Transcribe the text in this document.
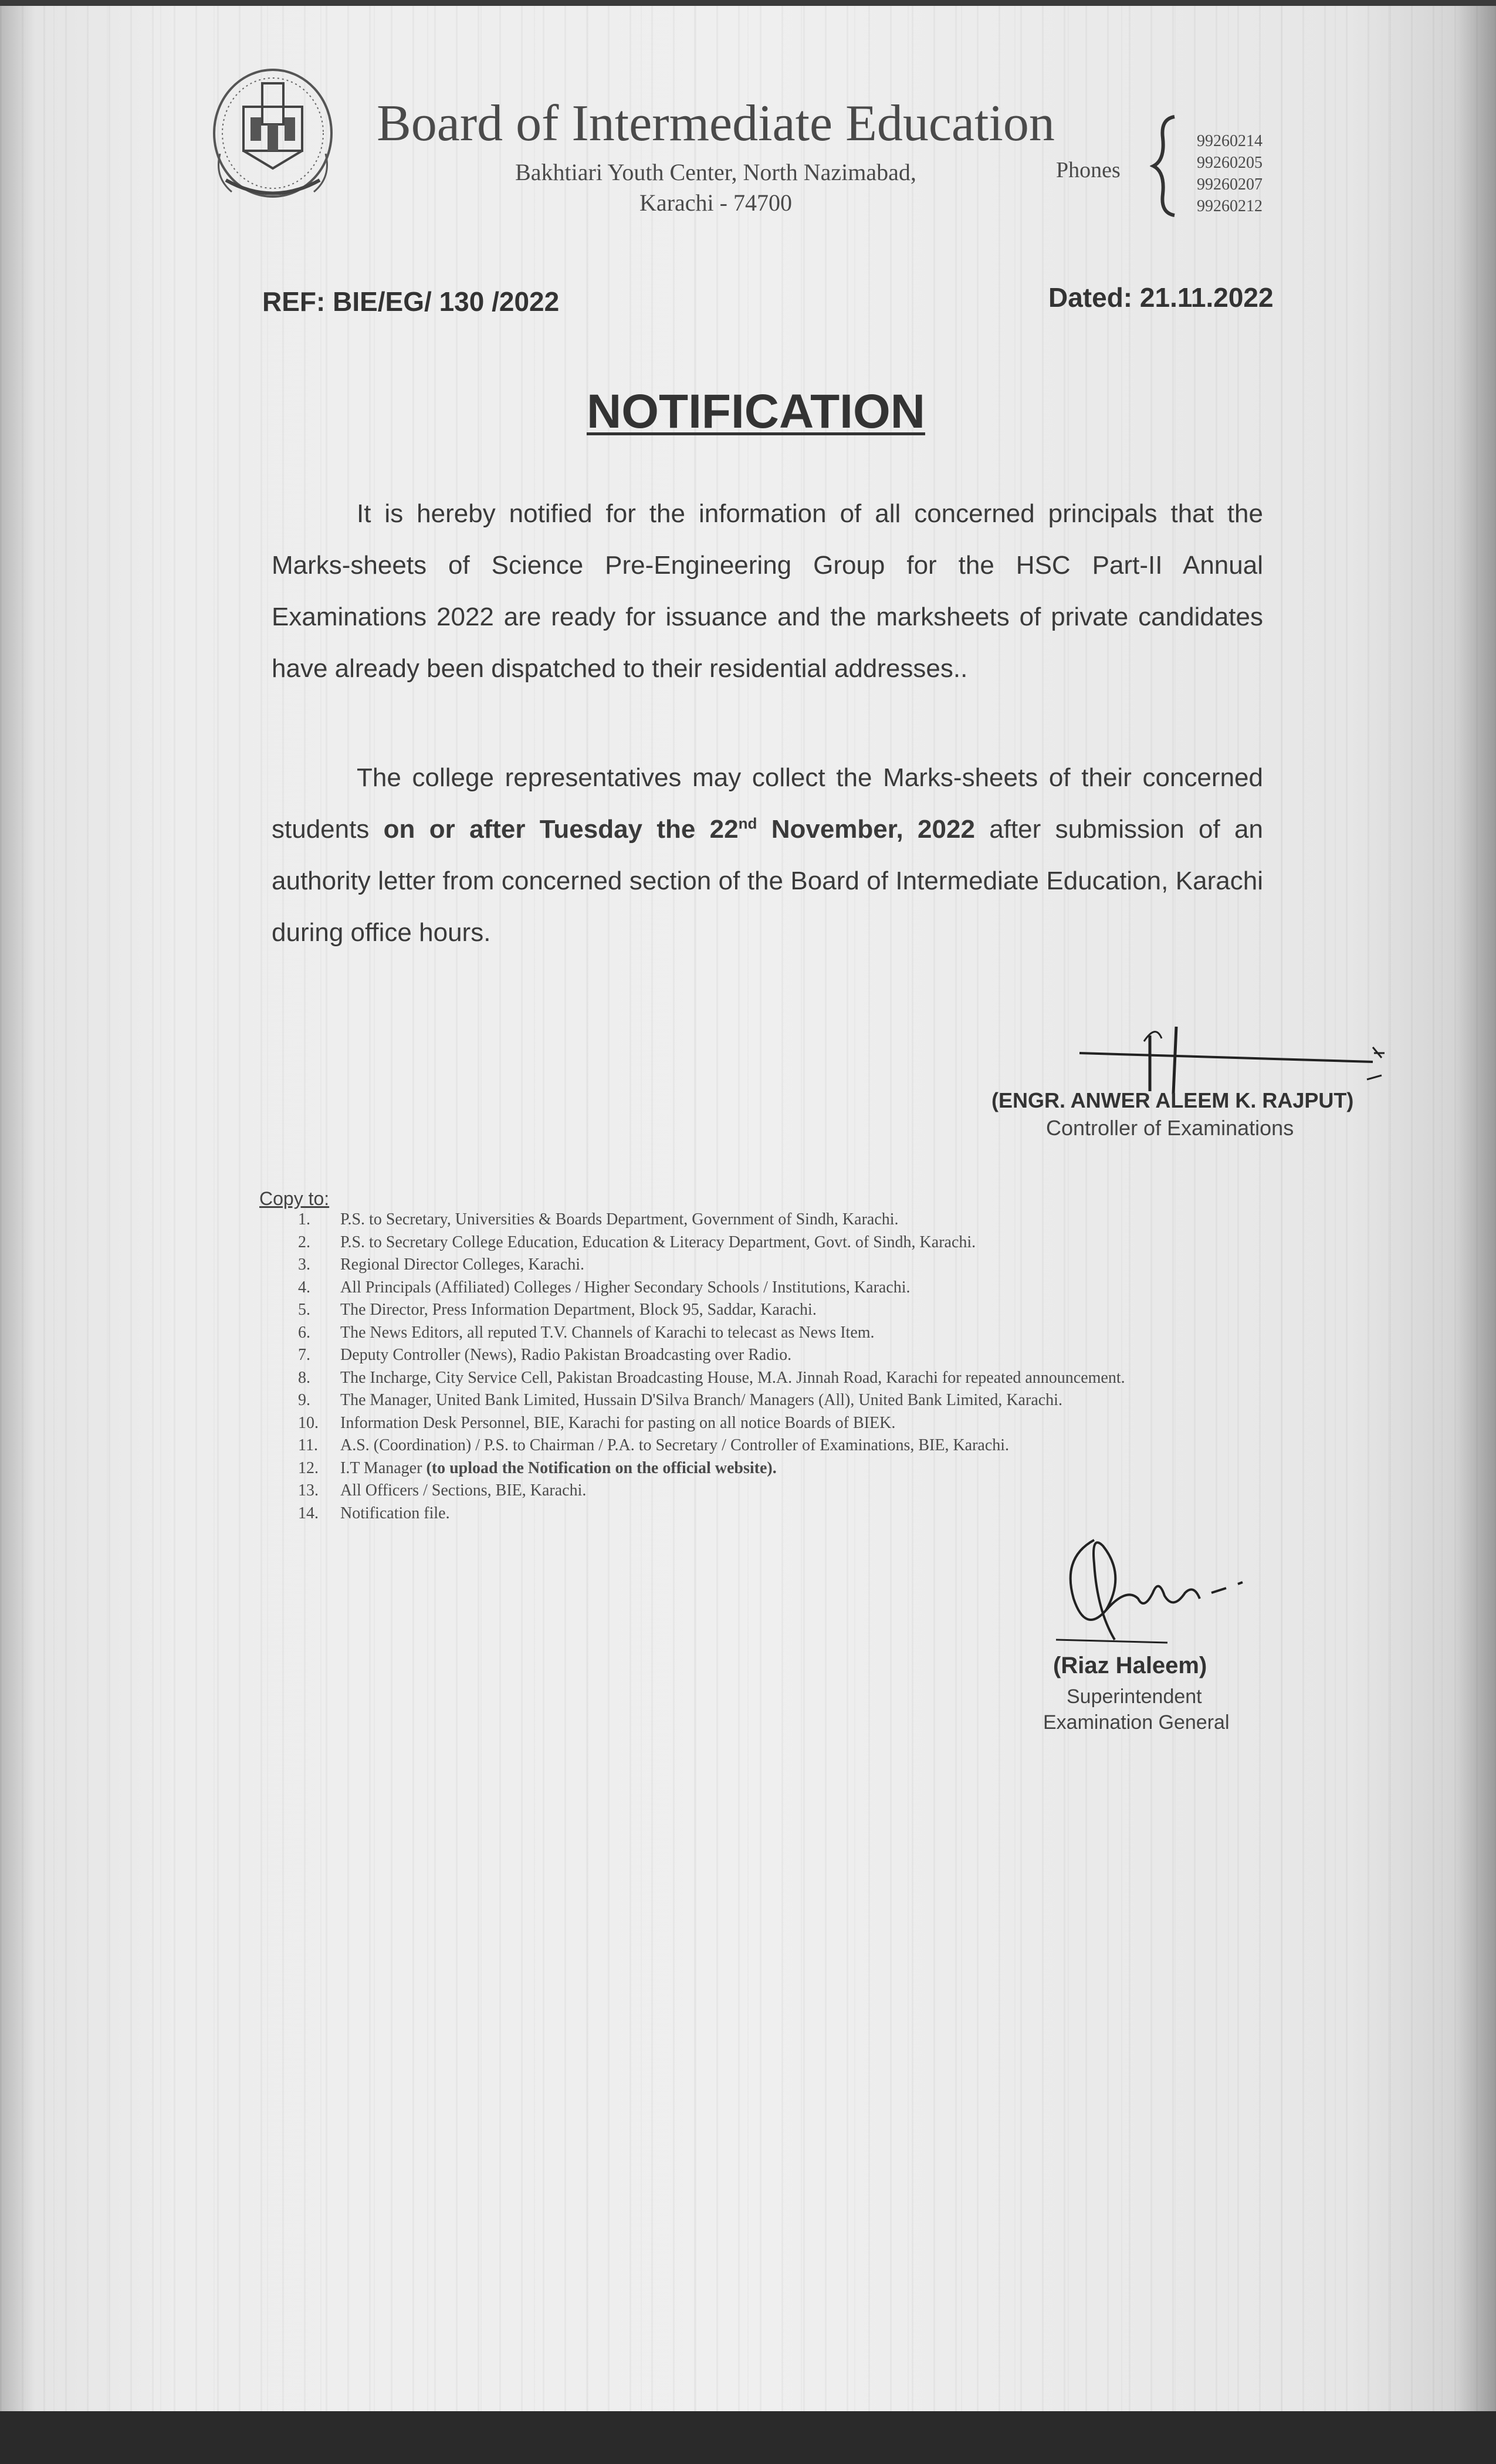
Board of Intermediate Education
Bakhtiari Youth Center, North Nazimabad,
Karachi - 74700
Phones
99260214
99260205
99260207
99260212
REF: BIE/EG/ 130 /2022	Dated: 21.11.2022
NOTIFICATION
It is hereby notified for the information of all concerned principals that the Marks-sheets of Science Pre-Engineering Group for the HSC Part-II Annual Examinations 2022 are ready for issuance and the marksheets of private candidates have already been dispatched to their residential addresses..
The college representatives may collect the Marks-sheets of their concerned students on or after Tuesday the 22nd November, 2022 after submission of an authority letter from concerned section of the Board of Intermediate Education, Karachi during office hours.
(ENGR. ANWER ALEEM K. RAJPUT)
Controller of Examinations
Copy to:
1. P.S. to Secretary, Universities & Boards Department, Government of Sindh, Karachi.
2. P.S. to Secretary College Education, Education & Literacy Department, Govt. of Sindh, Karachi.
3. Regional Director Colleges, Karachi.
4. All Principals (Affiliated) Colleges / Higher Secondary Schools / Institutions, Karachi.
5. The Director, Press Information Department, Block 95, Saddar, Karachi.
6. The News Editors, all reputed T.V. Channels of Karachi to telecast as News Item.
7. Deputy Controller (News), Radio Pakistan Broadcasting over Radio.
8. The Incharge, City Service Cell, Pakistan Broadcasting House, M.A. Jinnah Road, Karachi for repeated announcement.
9. The Manager, United Bank Limited, Hussain D'Silva Branch/ Managers (All), United Bank Limited, Karachi.
10. Information Desk Personnel, BIE, Karachi for pasting on all notice Boards of BIEK.
11. A.S. (Coordination) / P.S. to Chairman / P.A. to Secretary / Controller of Examinations, BIE, Karachi.
12. I.T Manager (to upload the Notification on the official website).
13. All Officers / Sections, BIE, Karachi.
14. Notification file.
(Riaz Haleem)
Superintendent
Examination General
